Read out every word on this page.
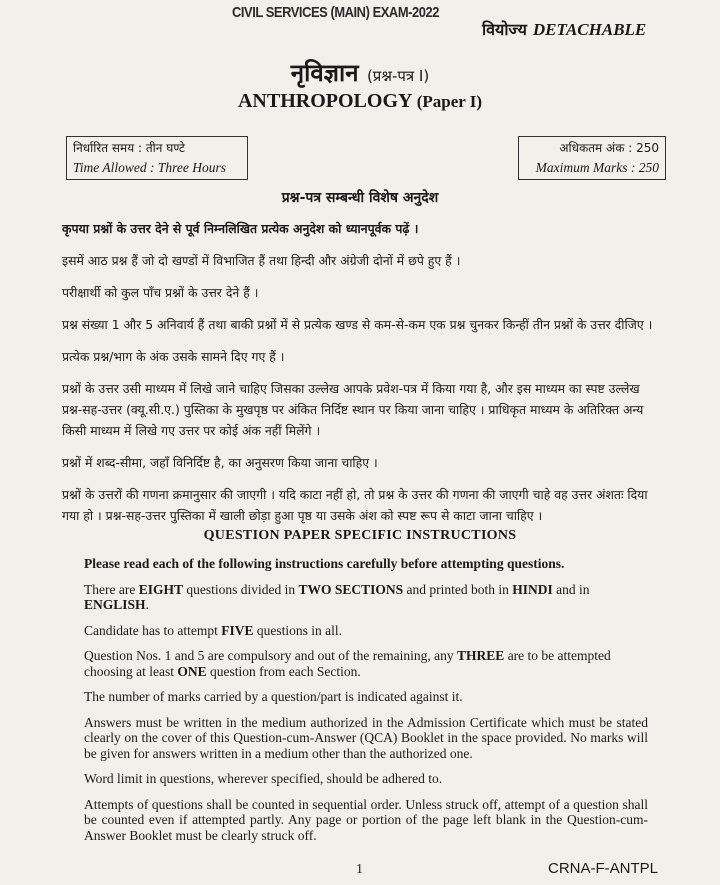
CIVIL SERVICES (MAIN) EXAM-2022
वियोज्य DETACHABLE
नृविज्ञान (प्रश्न-पत्र I)
ANTHROPOLOGY (Paper I)
निर्धारित समय : तीन घण्टे
Time Allowed : Three Hours
अधिकतम अंक : 250
Maximum Marks : 250
प्रश्न-पत्र सम्बन्धी विशेष अनुदेश

कृपया प्रश्नों के उत्तर देने से पूर्व निम्नलिखित प्रत्येक अनुदेश को ध्यानपूर्वक पढ़ें ।

इसमें आठ प्रश्न हैं जो दो खण्डों में विभाजित हैं तथा हिन्दी और अंग्रेजी दोनों में छपे हुए हैं ।

परीक्षार्थी को कुल पाँच प्रश्नों के उत्तर देने हैं ।

प्रश्न संख्या 1 और 5 अनिवार्य हैं तथा बाकी प्रश्नों में से प्रत्येक खण्ड से कम-से-कम एक प्रश्न चुनकर किन्हीं तीन प्रश्नों के उत्तर दीजिए ।

प्रत्येक प्रश्न/भाग के अंक उसके सामने दिए गए हैं ।

प्रश्नों के उत्तर उसी माध्यम में लिखे जाने चाहिए जिसका उल्लेख आपके प्रवेश-पत्र में किया गया है, और इस माध्यम का स्पष्ट उल्लेख प्रश्न-सह-उत्तर (क्यू.सी.ए.) पुस्तिका के मुखपृष्ठ पर अंकित निर्दिष्ट स्थान पर किया जाना चाहिए । प्राधिकृत माध्यम के अतिरिक्त अन्य किसी माध्यम में लिखे गए उत्तर पर कोई अंक नहीं मिलेंगे ।

प्रश्नों में शब्द-सीमा, जहाँ विनिर्दिष्ट है, का अनुसरण किया जाना चाहिए ।

प्रश्नों के उत्तरों की गणना क्रमानुसार की जाएगी । यदि काटा नहीं हो, तो प्रश्न के उत्तर की गणना की जाएगी चाहे वह उत्तर अंशतः दिया गया हो । प्रश्न-सह-उत्तर पुस्तिका में खाली छोड़ा हुआ पृष्ठ या उसके अंश को स्पष्ट रूप से काटा जाना चाहिए ।

QUESTION PAPER SPECIFIC INSTRUCTIONS

Please read each of the following instructions carefully before attempting questions.

There are EIGHT questions divided in TWO SECTIONS and printed both in HINDI and in ENGLISH.

Candidate has to attempt FIVE questions in all.

Question Nos. 1 and 5 are compulsory and out of the remaining, any THREE are to be attempted choosing at least ONE question from each Section.

The number of marks carried by a question/part is indicated against it.

Answers must be written in the medium authorized in the Admission Certificate which must be stated clearly on the cover of this Question-cum-Answer (QCA) Booklet in the space provided. No marks will be given for answers written in a medium other than the authorized one.

Word limit in questions, wherever specified, should be adhered to.

Attempts of questions shall be counted in sequential order. Unless struck off, attempt of a question shall be counted even if attempted partly. Any page or portion of the page left blank in the Question-cum-Answer Booklet must be clearly struck off.

1	CRNA-F-ANTPL
